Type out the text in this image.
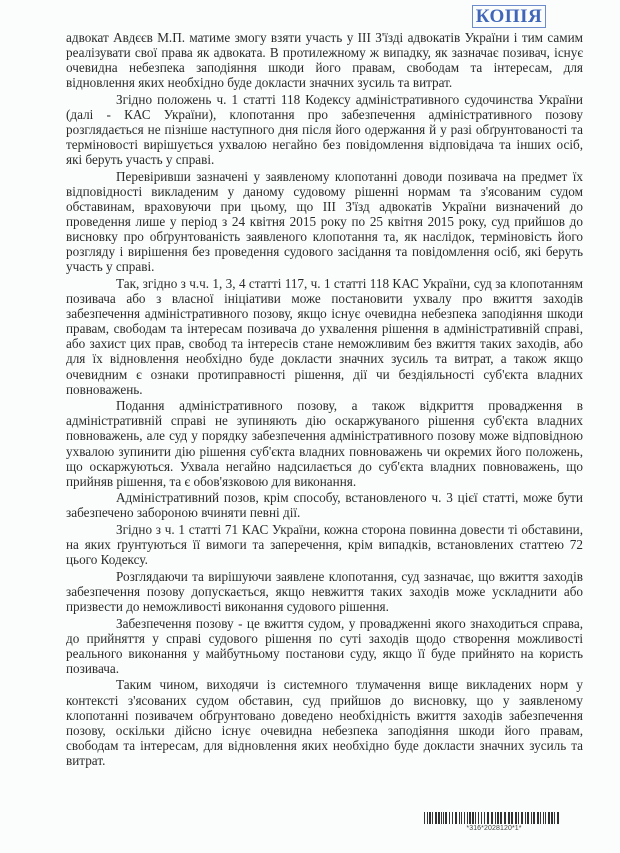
КОПІЯ
адвокат Авдєєв М.П. матиме змогу взяти участь у III З'їзді адвокатів України і тим самим
реалізувати свої права як адвоката. В протилежному ж випадку, як зазначає позивач, існує
очевидна небезпека заподіяння шкоди його правам, свободам та інтересам, для
відновлення яких необхідно буде докласти значних зусиль та витрат.
Згідно положень ч. 1 статті 118 Кодексу адміністративного судочинства України
(далі - КАС України), клопотання про забезпечення адміністративного позову
розглядається не пізніше наступного дня після його одержання й у разі обґрунтованості та
терміновості вирішується ухвалою негайно без повідомлення відповідача та інших осіб,
які беруть участь у справі.
Перевіривши зазначені у заявленому клопотанні доводи позивача на предмет їх
відповідності викладеним у даному судовому рішенні нормам та з'ясованим судом
обставинам, враховуючи при цьому, що III З'їзд адвокатів України визначений до
проведення лише у період з 24 квітня 2015 року по 25 квітня 2015 року, суд прийшов до
висновку про обґрунтованість заявленого клопотання та, як наслідок, терміновість його
розгляду і вирішення без проведення судового засідання та повідомлення осіб, які беруть
участь у справі.
Так, згідно з ч.ч. 1, 3, 4 статті 117, ч. 1 статті 118 КАС України, суд за клопотанням
позивача або з власної ініціативи може постановити ухвалу про вжиття заходів
забезпечення адміністративного позову, якщо існує очевидна небезпека заподіяння шкоди
правам, свободам та інтересам позивача до ухвалення рішення в адміністративній справі,
або захист цих прав, свобод та інтересів стане неможливим без вжиття таких заходів, або
для їх відновлення необхідно буде докласти значних зусиль та витрат, а також якщо
очевидним є ознаки протиправності рішення, дії чи бездіяльності суб'єкта владних
повноважень.
Подання адміністративного позову, а також відкриття провадження в
адміністративній справі не зупиняють дію оскаржуваного рішення суб'єкта владних
повноважень, але суд у порядку забезпечення адміністративного позову може відповідною
ухвалою зупинити дію рішення суб'єкта владних повноважень чи окремих його положень,
що оскаржуються. Ухвала негайно надсилається до суб'єкта владних повноважень, що
прийняв рішення, та є обов'язковою для виконання.
Адміністративний позов, крім способу, встановленого ч. 3 цієї статті, може бути
забезпечено забороною вчиняти певні дії.
Згідно з ч. 1 статті 71 КАС України, кожна сторона повинна довести ті обставини,
на яких ґрунтуються її вимоги та заперечення, крім випадків, встановлених статтею 72
цього Кодексу.
Розглядаючи та вирішуючи заявлене клопотання, суд зазначає, що вжиття заходів
забезпечення позову допускається, якщо невжиття таких заходів може ускладнити або
призвести до неможливості виконання судового рішення.
Забезпечення позову - це вжиття судом, у провадженні якого знаходиться справа,
до прийняття у справі судового рішення по суті заходів щодо створення можливості
реального виконання у майбутньому постанови суду, якщо її буде прийнято на користь
позивача.
Таким чином, виходячи із системного тлумачення вище викладених норм у
контексті з'ясованих судом обставин, суд прийшов до висновку, що у заявленому
клопотанні позивачем обґрунтовано доведено необхідність вжиття заходів забезпечення
позову, оскільки дійсно існує очевидна небезпека заподіяння шкоди його правам,
свободам та інтересам, для відновлення яких необхідно буде докласти значних зусиль та
витрат.
*316*2028120*1*
